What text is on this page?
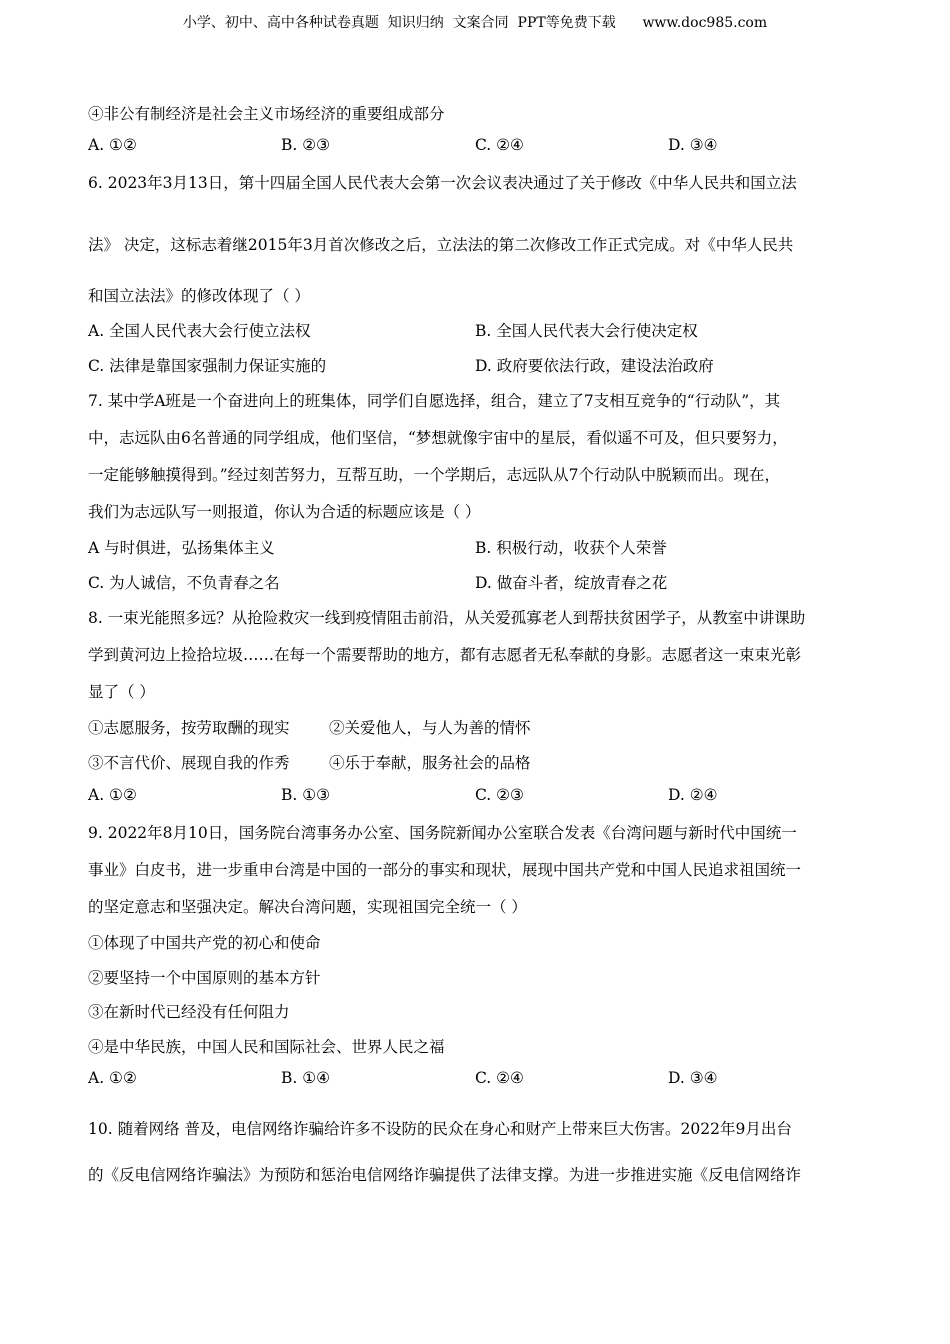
小学、初中、高中各种试卷真题  知识归纳  文案合同  PPT等免费下载      www.doc985.com
④非公有制经济是社会主义市场经济的重要组成部分
A. ①②	B. ②③	C. ②④	D. ③④
6. 2023年3月13日，第十四届全国人民代表大会第一次会议表决通过了关于修改《中华人民共和国立法
法》 决定，这标志着继2015年3月首次修改之后，立法法的第二次修改工作正式完成。对《中华人民共
和国立法法》的修改体现了（ ）
A. 全国人民代表大会行使立法权	B. 全国人民代表大会行使决定权
C. 法律是靠国家强制力保证实施的	D. 政府要依法行政，建设法治政府
7. 某中学A班是一个奋进向上的班集体，同学们自愿选择，组合，建立了7支相互竞争的“行动队”，其
中，志远队由6名普通的同学组成，他们坚信，“梦想就像宇宙中的星辰，看似遥不可及，但只要努力，
一定能够触摸得到。”经过刻苦努力，互帮互助，一个学期后，志远队从7个行动队中脱颖而出。现在，
我们为志远队写一则报道，你认为合适的标题应该是（ ）
A 与时俱进，弘扬集体主义	B. 积极行动，收获个人荣誉
C. 为人诚信，不负青春之名	D. 做奋斗者，绽放青春之花
8. 一束光能照多远？从抢险救灾一线到疫情阻击前沿，从关爱孤寡老人到帮扶贫困学子，从教室中讲课助
学到黄河边上捡拾垃圾……在每一个需要帮助的地方，都有志愿者无私奉献的身影。志愿者这一束束光彰
显了（ ）
①志愿服务，按劳取酬的现实	②关爱他人，与人为善的情怀
③不言代价、展现自我的作秀	④乐于奉献，服务社会的品格
A. ①②	B. ①③	C. ②③	D. ②④
9. 2022年8月10日，国务院台湾事务办公室、国务院新闻办公室联合发表《台湾问题与新时代中国统一
事业》白皮书，进一步重申台湾是中国的一部分的事实和现状，展现中国共产党和中国人民追求祖国统一
的坚定意志和坚强决定。解决台湾问题，实现祖国完全统一（ ）
①体现了中国共产党的初心和使命
②要坚持一个中国原则的基本方针
③在新时代已经没有任何阻力
④是中华民族，中国人民和国际社会、世界人民之福
A. ①②	B. ①④	C. ②④	D. ③④
10. 随着网络 普及，电信网络诈骗给许多不设防的民众在身心和财产上带来巨大伤害。2022年9月出台
的《反电信网络诈骗法》为预防和惩治电信网络诈骗提供了法律支撑。为进一步推进实施《反电信网络诈
